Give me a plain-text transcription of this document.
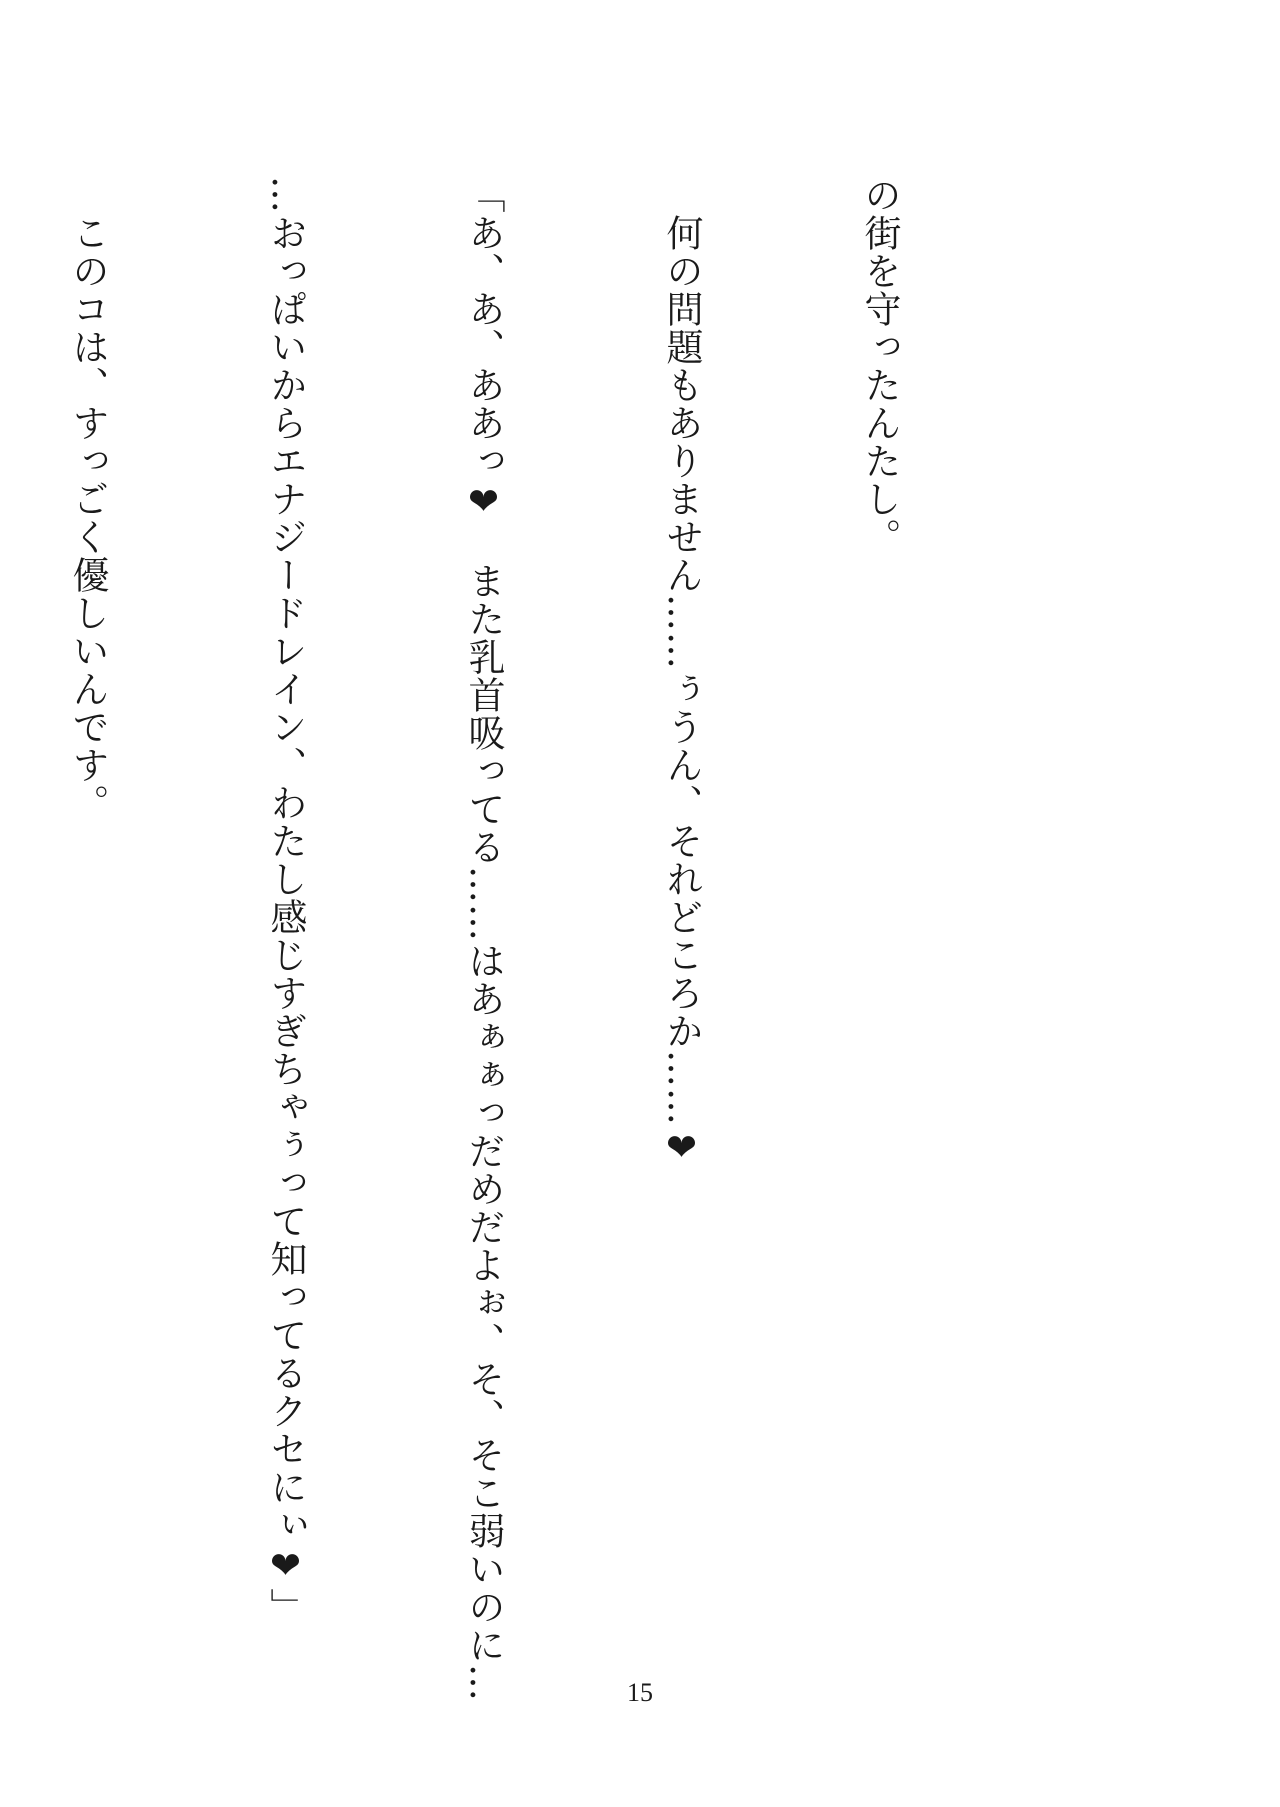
の街を守ったんたし。

　何の問題もありません……ぅうん、それどころか……❤

「あ、あ、ああっ❤　また乳首吸ってる……はあぁぁっだめだよぉ、そ、そこ弱いのに…

…おっぱいからエナジードレイン、わたし感じすぎちゃぅって知ってるクセにぃ❤」

　このコは、すっごく優しいんです。

15
